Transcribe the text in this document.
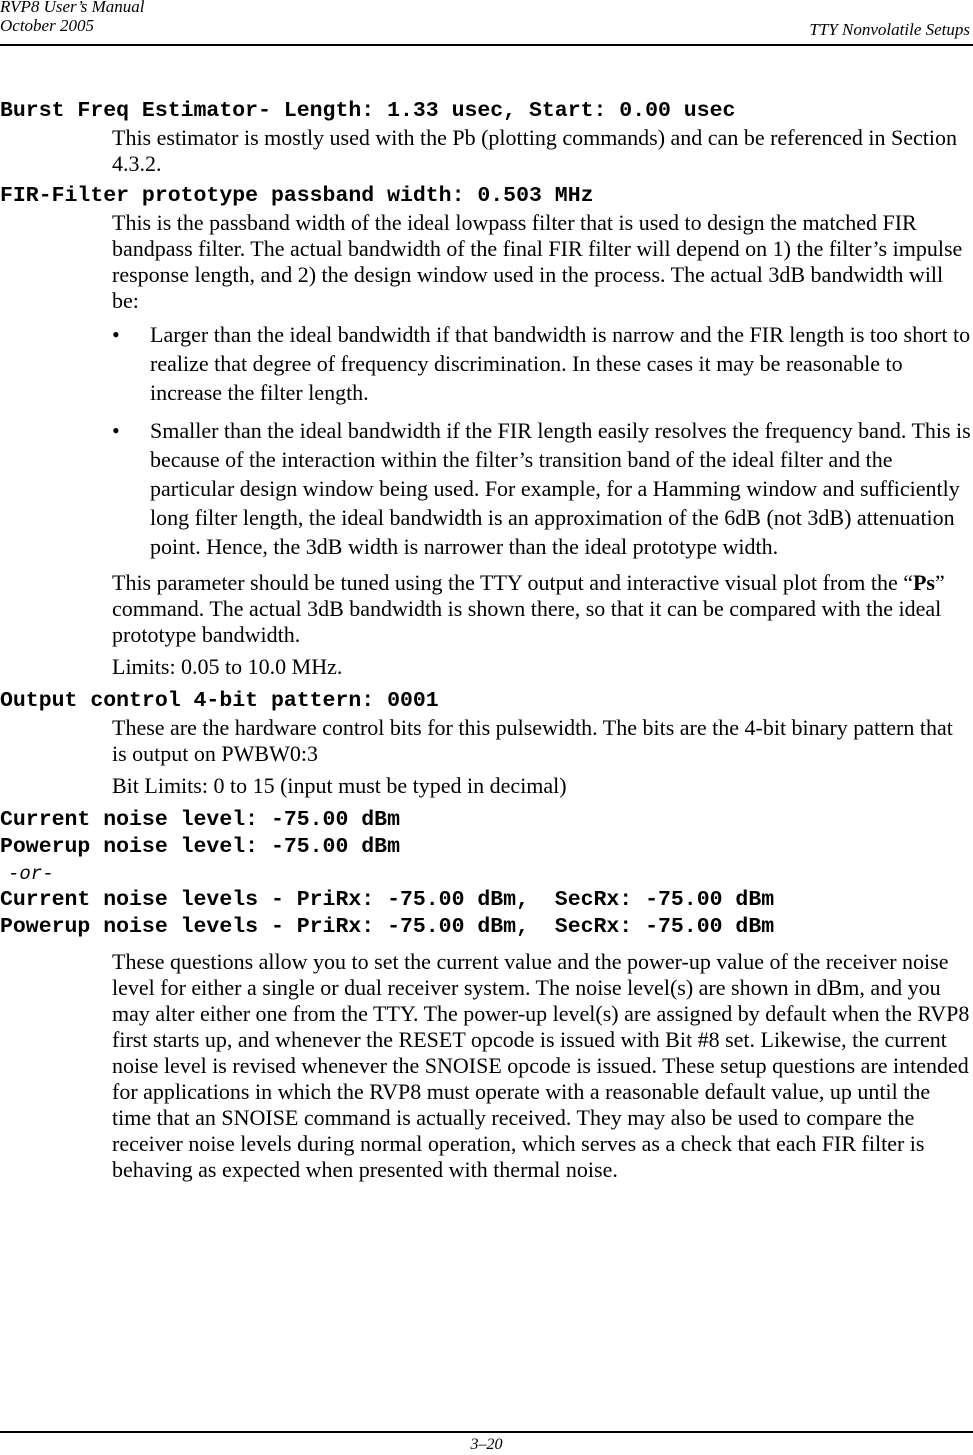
RVP8 User’s Manual
October 2005	TTY Nonvolatile Setups
Burst Freq Estimator- Length: 1.33 usec, Start: 0.00 usec

This estimator is mostly used with the Pb (plotting commands) and can be referenced in Section 4.3.2.

FIR-Filter prototype passband width: 0.503 MHz

This is the passband width of the ideal lowpass filter that is used to design the matched FIR bandpass filter. The actual bandwidth of the final FIR filter will depend on 1) the filter’s impulse response length, and 2) the design window used in the process. The actual 3dB bandwidth will be:

• Larger than the ideal bandwidth if that bandwidth is narrow and the FIR length is too short to realize that degree of frequency discrimination. In these cases it may be reasonable to increase the filter length.
• Smaller than the ideal bandwidth if the FIR length easily resolves the frequency band. This is because of the interaction within the filter’s transition band of the ideal filter and the particular design window being used. For example, for a Hamming window and sufficiently long filter length, the ideal bandwidth is an approximation of the 6dB (not 3dB) attenuation point. Hence, the 3dB width is narrower than the ideal prototype width.

This parameter should be tuned using the TTY output and interactive visual plot from the “Ps” command. The actual 3dB bandwidth is shown there, so that it can be compared with the ideal prototype bandwidth.

Limits: 0.05 to 10.0 MHz.

Output control 4-bit pattern: 0001

These are the hardware control bits for this pulsewidth. The bits are the 4-bit binary pattern that is output on PWBW0:3

Bit Limits: 0 to 15 (input must be typed in decimal)

Current noise level: -75.00 dBm
Powerup noise level: -75.00 dBm
-or-
Current noise levels - PriRx: -75.00 dBm,  SecRx: -75.00 dBm
Powerup noise levels - PriRx: -75.00 dBm,  SecRx: -75.00 dBm

These questions allow you to set the current value and the power-up value of the receiver noise level for either a single or dual receiver system. The noise level(s) are shown in dBm, and you may alter either one from the TTY. The power-up level(s) are assigned by default when the RVP8 first starts up, and whenever the RESET opcode is issued with Bit #8 set. Likewise, the current noise level is revised whenever the SNOISE opcode is issued. These setup questions are intended for applications in which the RVP8 must operate with a reasonable default value, up until the time that an SNOISE command is actually received. They may also be used to compare the receiver noise levels during normal operation, which serves as a check that each FIR filter is behaving as expected when presented with thermal noise.

3–20
